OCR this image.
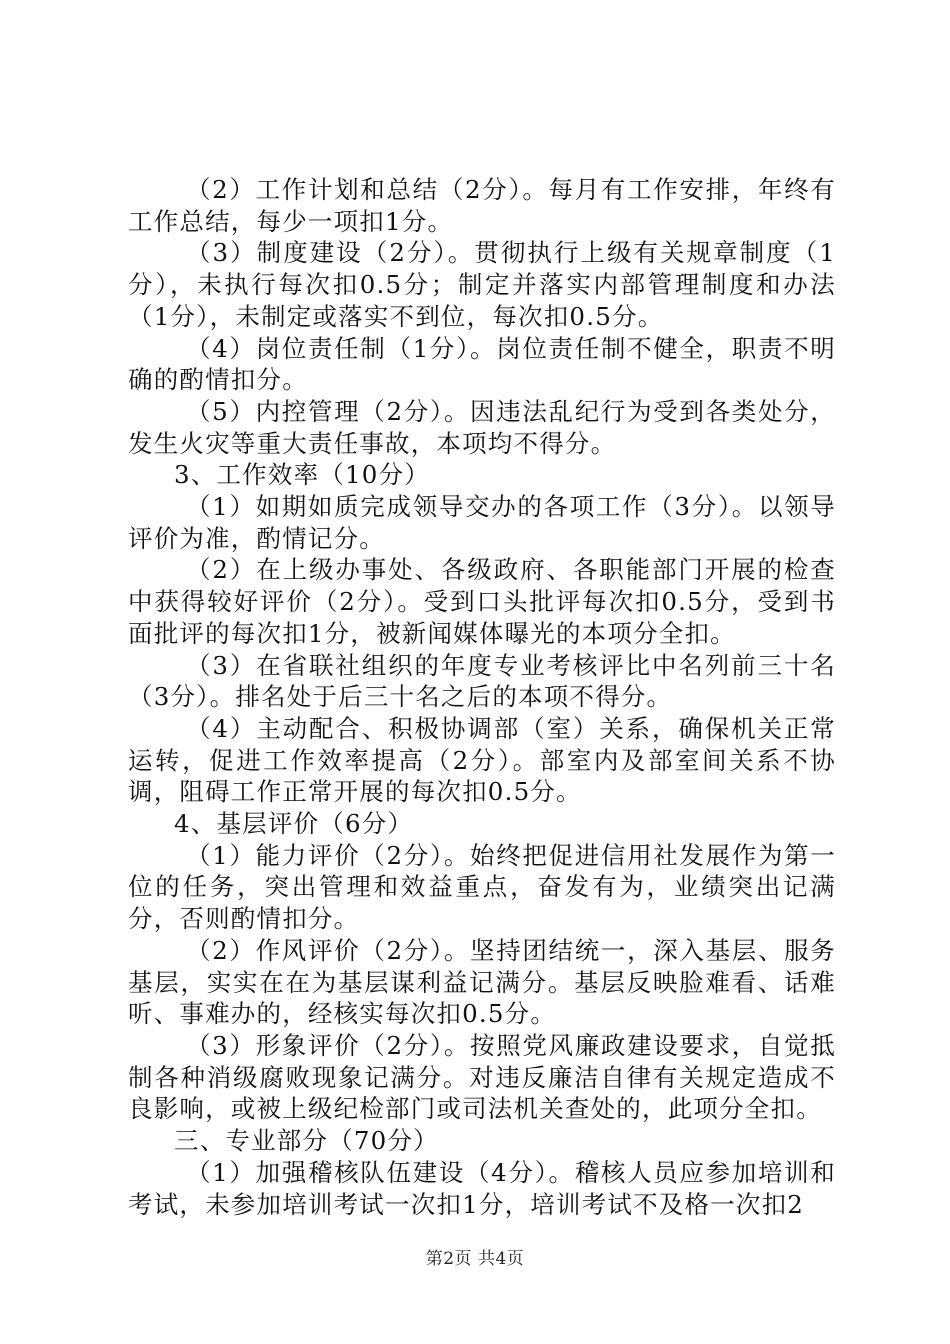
（2）工作计划和总结（2分）。每月有工作安排，年终有工作总结，每少一项扣1分。

（3）制度建设（2分）。贯彻执行上级有关规章制度（1分），未执行每次扣0.5分；制定并落实内部管理制度和办法（1分），未制定或落实不到位，每次扣0.5分。

（4）岗位责任制（1分）。岗位责任制不健全，职责不明确的酌情扣分。

（5）内控管理（2分）。因违法乱纪行为受到各类处分，发生火灾等重大责任事故，本项均不得分。

3、工作效率（10分）

（1）如期如质完成领导交办的各项工作（3分）。以领导评价为准，酌情记分。

（2）在上级办事处、各级政府、各职能部门开展的检查中获得较好评价（2分）。受到口头批评每次扣0.5分，受到书面批评的每次扣1分，被新闻媒体曝光的本项分全扣。

（3）在省联社组织的年度专业考核评比中名列前三十名（3分）。排名处于后三十名之后的本项不得分。

（4）主动配合、积极协调部（室）关系，确保机关正常运转，促进工作效率提高（2分）。部室内及部室间关系不协调，阻碍工作正常开展的每次扣0.5分。

4、基层评价（6分）

（1）能力评价（2分）。始终把促进信用社发展作为第一位的任务，突出管理和效益重点，奋发有为，业绩突出记满分，否则酌情扣分。

（2）作风评价（2分）。坚持团结统一，深入基层、服务基层，实实在在为基层谋利益记满分。基层反映脸难看、话难听、事难办的，经核实每次扣0.5分。

（3）形象评价（2分）。按照党风廉政建设要求，自觉抵制各种消级腐败现象记满分。对违反廉洁自律有关规定造成不良影响，或被上级纪检部门或司法机关查处的，此项分全扣。

三、专业部分（70分）

（1）加强稽核队伍建设（4分）。稽核人员应参加培训和考试，未参加培训考试一次扣1分，培训考试不及格一次扣2

第2页 共4页
